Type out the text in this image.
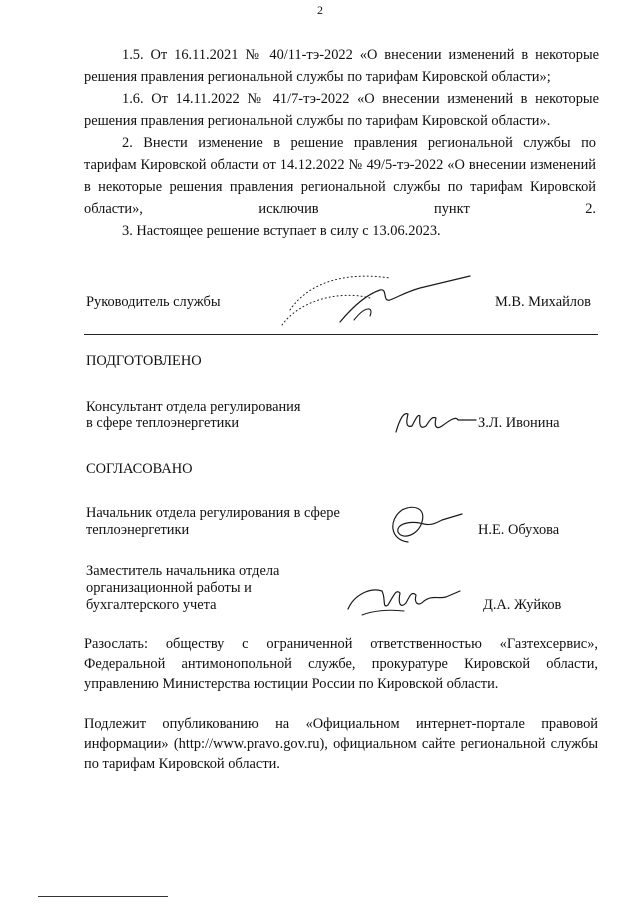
2
1.5. От 16.11.2021 № 40/11-тэ-2022 «О внесении изменений в некоторые решения правления региональной службы по тарифам Кировской области»;
1.6. От 14.11.2022 № 41/7-тэ-2022 «О внесении изменений в некоторые решения правления региональной службы по тарифам Кировской области».
2. Внести изменение в решение правления региональной службы по тарифам Кировской области от 14.12.2022 № 49/5-тэ-2022 «О внесении изменений в некоторые решения правления региональной службы по тарифам Кировской области», исключив пункт 2.
3. Настоящее решение вступает в силу с 13.06.2023.
Руководитель службы	М.В. Михайлов
ПОДГОТОВЛЕНО
Консультант отдела регулирования
в сфере теплоэнергетики	З.Л. Ивонина
СОГЛАСОВАНО
Начальник отдела регулирования в сфере
теплоэнергетики	Н.Е. Обухова
Заместитель начальника отдела
организационной работы и
бухгалтерского учета	Д.А. Жуйков
Разослать: обществу с ограниченной ответственностью «Газтехсервис», Федеральной антимонопольной службе, прокуратуре Кировской области, управлению Министерства юстиции России по Кировской области.
Подлежит опубликованию на «Официальном интернет-портале правовой информации» (http://www.pravo.gov.ru), официальном сайте региональной службы по тарифам Кировской области.
